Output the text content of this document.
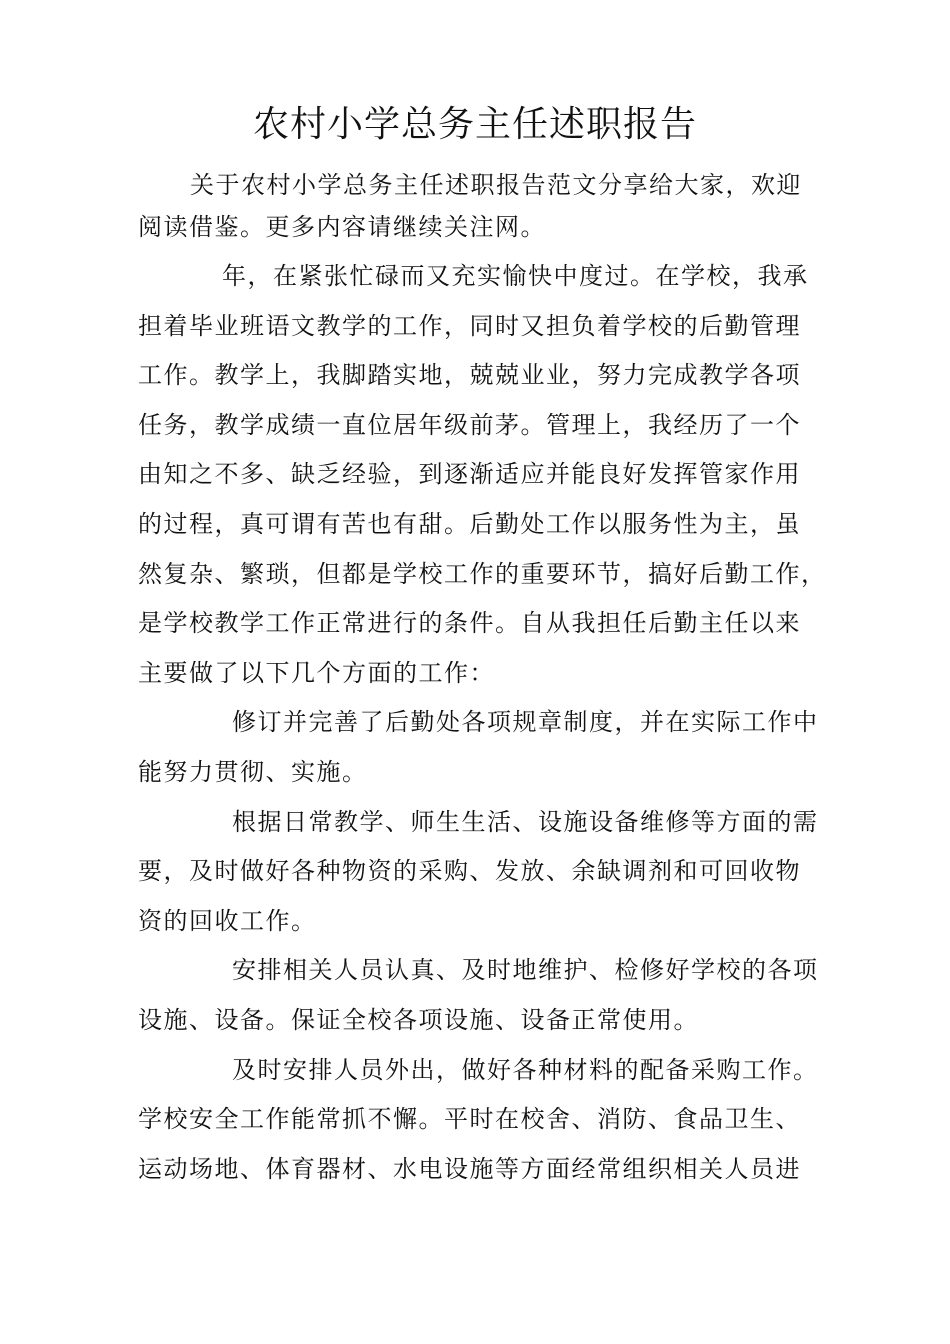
农村小学总务主任述职报告
关于农村小学总务主任述职报告范文分享给大家，欢迎
阅读借鉴。更多内容请继续关注网。
年，在紧张忙碌而又充实愉快中度过。在学校，我承
担着毕业班语文教学的工作，同时又担负着学校的后勤管理
工作。教学上，我脚踏实地，兢兢业业，努力完成教学各项
任务，教学成绩一直位居年级前茅。管理上，我经历了一个
由知之不多、缺乏经验，到逐渐适应并能良好发挥管家作用
的过程，真可谓有苦也有甜。后勤处工作以服务性为主，虽
然复杂、繁琐，但都是学校工作的重要环节，搞好后勤工作，
是学校教学工作正常进行的条件。自从我担任后勤主任以来
主要做了以下几个方面的工作：
修订并完善了后勤处各项规章制度，并在实际工作中
能努力贯彻、实施。
根据日常教学、师生生活、设施设备维修等方面的需
要，及时做好各种物资的采购、发放、余缺调剂和可回收物
资的回收工作。
安排相关人员认真、及时地维护、检修好学校的各项
设施、设备。保证全校各项设施、设备正常使用。
及时安排人员外出，做好各种材料的配备采购工作。
学校安全工作能常抓不懈。平时在校舍、消防、食品卫生、
运动场地、体育器材、水电设施等方面经常组织相关人员进
